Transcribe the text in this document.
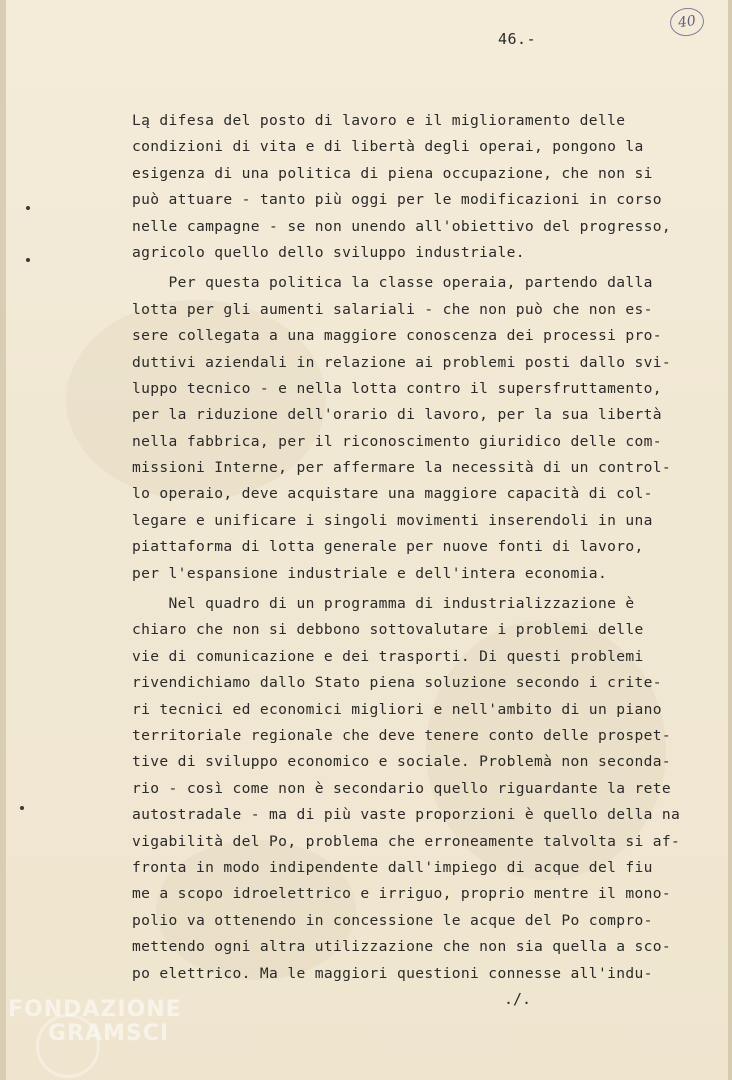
40
46.-
Lą difesa del posto di lavoro e il miglioramento delle
condizioni di vita e di libertà degli operai, pongono la
esigenza di una politica di piena occupazione, che non si
può attuare - tanto più oggi per le modificazioni in corso
nelle campagne - se non unendo all'obiettivo del progresso,
agricolo quello dello sviluppo industriale.
Per questa politica la classe operaia, partendo dalla
lotta per gli aumenti salariali - che non può che non es-
sere collegata a una maggiore conoscenza dei processi pro-
duttivi aziendali in relazione ai problemi posti dallo svi-
luppo tecnico - e nella lotta contro il supersfruttamento,
per la riduzione dell'orario di lavoro, per la sua libertà
nella fabbrica, per il riconoscimento giuridico delle com-
missioni Interne, per affermare la necessità di un control-
lo operaio, deve acquistare una maggiore capacità di col-
legare e unificare i singoli movimenti inserendoli in una
piattaforma di lotta generale per nuove fonti di lavoro,
per l'espansione industriale e dell'intera economia.
Nel quadro di un programma di industrializzazione è
chiaro che non si debbono sottovalutare i problemi delle
vie di comunicazione e dei trasporti. Di questi problemi
rivendichiamo dallo Stato piena soluzione secondo i crite-
ri tecnici ed economici migliori e nell'ambito di un piano
territoriale regionale che deve tenere conto delle prospet-
tive di sviluppo economico e sociale. Problemà non seconda-
rio - così come non è secondario quello riguardante la rete
autostradale - ma di più vaste proporzioni è quello della na
vigabilità del Po, problema che erroneamente talvolta si af-
fronta in modo indipendente dall'impiego di acque del fiu
me a scopo idroelettrico e irriguo, proprio mentre il mono-
polio va ottenendo in concessione le acque del Po compro-
mettendo ogni altra utilizzazione che non sia quella a sco-
po elettrico. Ma le maggiori questioni connesse all'indu-
./.
FONDAZIONE
GRAMSCI
